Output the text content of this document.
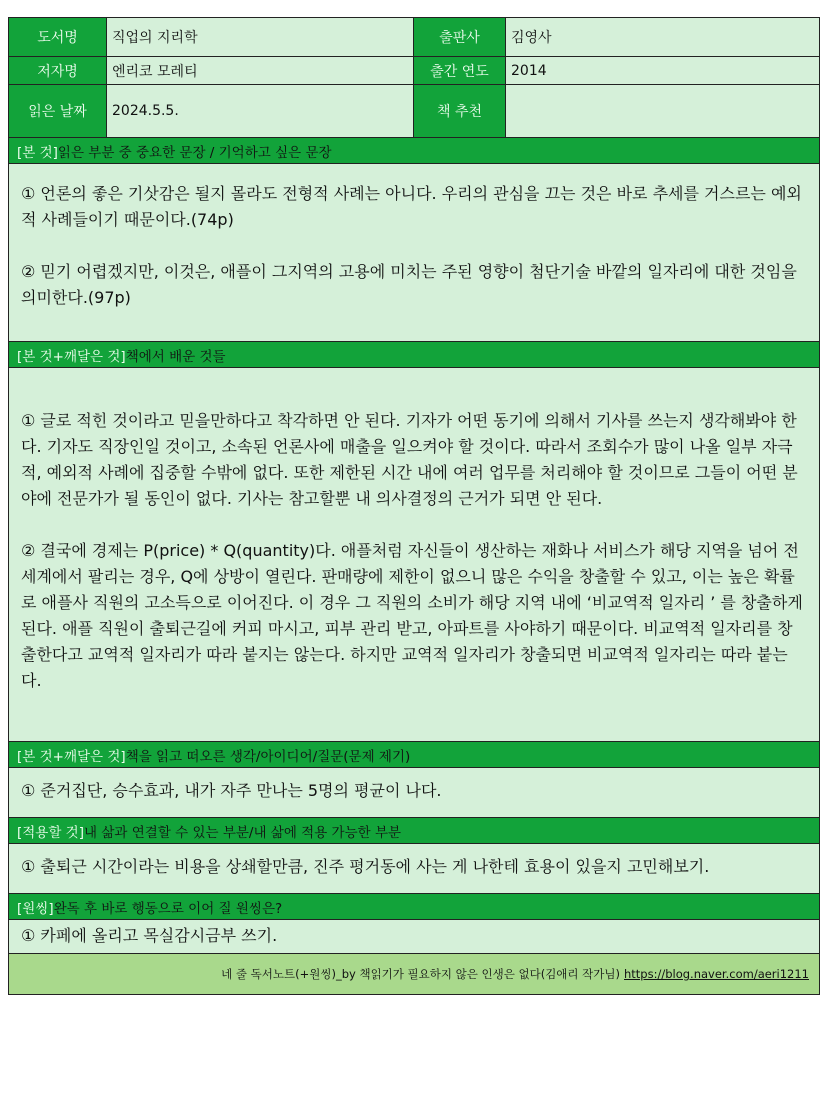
도서명	직업의 지리학	출판사	김영사
저자명	엔리코 모레티	출간 연도	2014
읽은 날짜	2024.5.5.	책 추천
[본 것] 읽은 부분 중 중요한 문장 / 기억하고 싶은 문장

① 언론의 좋은 기삿감은 될지 몰라도 전형적 사례는 아니다. 우리의 관심을 끄는 것은 바로 추세를 거스르는 예외적 사례들이기 때문이다.(74p)

② 믿기 어렵겠지만, 이것은, 애플이 그지역의 고용에 미치는 주된 영향이 첨단기술 바깥의 일자리에 대한 것임을 의미한다.(97p)

[본 것+깨달은 것] 책에서 배운 것들

① 글로 적힌 것이라고 믿을만하다고 착각하면 안 된다. 기자가 어떤 동기에 의해서 기사를 쓰는지 생각해봐야 한다. 기자도 직장인일 것이고, 소속된 언론사에 매출을 일으켜야 할 것이다. 따라서 조회수가 많이 나올 일부 자극적, 예외적 사례에 집중할 수밖에 없다. 또한 제한된 시간 내에 여러 업무를 처리해야 할 것이므로 그들이 어떤 분야에 전문가가 될 동인이 없다. 기사는 참고할뿐 내 의사결정의 근거가 되면 안 된다.

② 결국에 경제는 P(price) * Q(quantity)다. 애플처럼 자신들이 생산하는 재화나 서비스가 해당 지역을 넘어 전세계에서 팔리는 경우, Q에 상방이 열린다. 판매량에 제한이 없으니 많은 수익을 창출할 수 있고, 이는 높은 확률로 애플사 직원의 고소득으로 이어진다. 이 경우 그 직원의 소비가 해당 지역 내에 ‘비교역적 일자리 ’ 를 창출하게 된다. 애플 직원이 출퇴근길에 커피 마시고, 피부 관리 받고, 아파트를 사야하기 때문이다. 비교역적 일자리를 창출한다고 교역적 일자리가 따라 붙지는 않는다. 하지만 교역적 일자리가 창출되면 비교역적 일자리는 따라 붙는다.

[본 것+깨달은 것] 책을 읽고 떠오른 생각/아이디어/질문(문제 제기)

① 준거집단, 승수효과, 내가 자주 만나는 5명의 평균이 나다.

[적용할 것] 내 삶과 연결할 수 있는 부분/내 삶에 적용 가능한 부분

① 출퇴근 시간이라는 비용을 상쇄할만큼, 진주 평거동에 사는 게 나한테 효용이 있을지 고민해보기.

[원씽] 완독 후 바로 행동으로 이어 질 원씽은?

① 카페에 올리고 목실감시금부 쓰기.

네 줄 독서노트(+원씽)_by 책읽기가 필요하지 않은 인생은 없다(김애리 작가님) https://blog.naver.com/aeri1211
